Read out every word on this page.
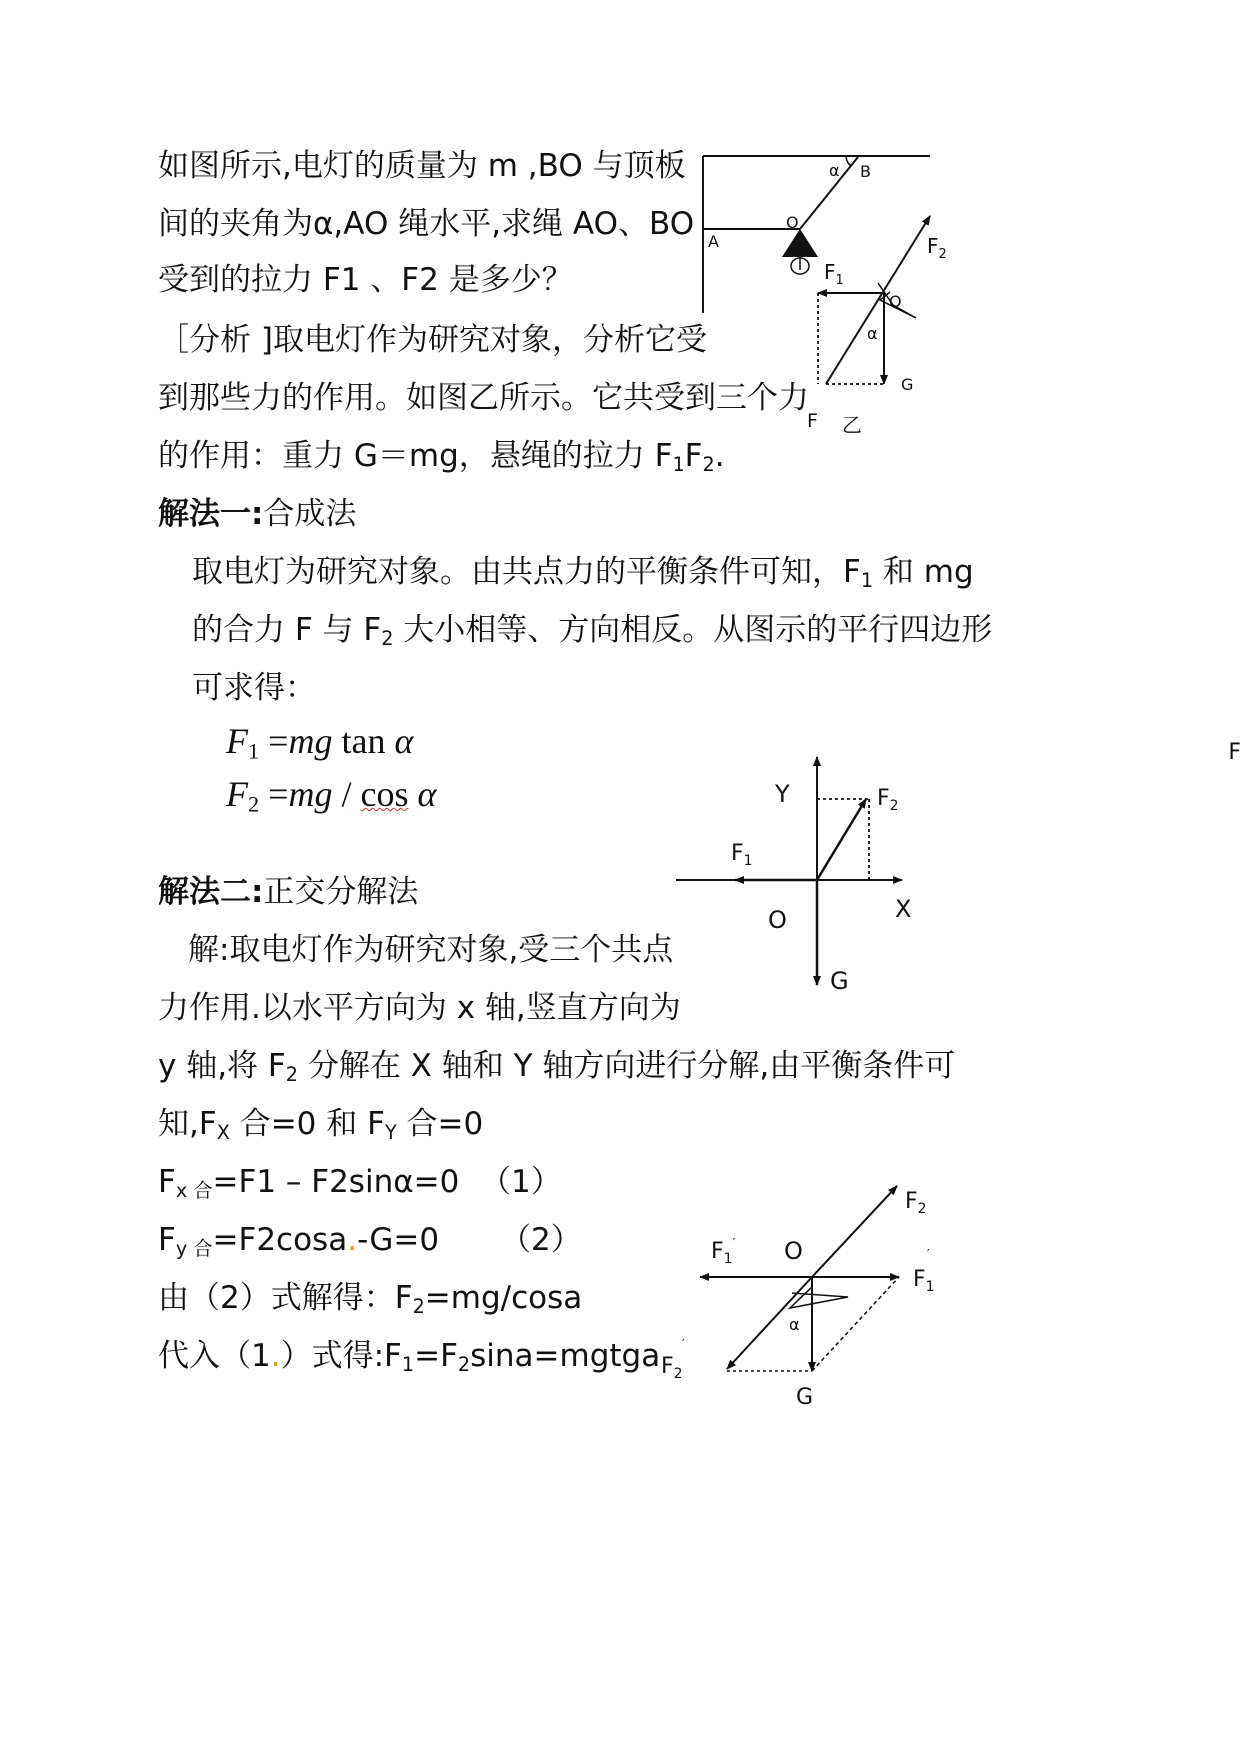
如图所示,电灯的质量为 m ,BO 与顶板
间的夹角为α,AO 绳水平,求绳 AO、BO
受到的拉力 F1 、F2 是多少？
［分析 ]取电灯作为研究对象，分析它受
到那些力的作用。如图乙所示。它共受到三个力
的作用：重力 G＝mg，悬绳的拉力 $F_1F_2$.
解法一:合成法
取电灯为研究对象。由共点力的平衡条件可知，$F_1$ 和 mg
的合力 F 与 $F_2$ 大小相等、方向相反。从图示的平行四边形
可求得：
$F_1 =mg$ tan α
$F_2 =mg / \cos \alpha$
解法二:正交分解法
解:取电灯作为研究对象,受三个共点
力作用.以水平方向为 x 轴,竖直方向为
y 轴,将 $F_2$ 分解在 X 轴和 Y 轴方向进行分解,由平衡条件可
知$,F_X$ 合=0 和 $F_Y$ 合=0
$F_{x 合}=F1 - F2\sin\alpha=0$ （1）
$F_{y 合}=F2\cos a.-G=0$ （2）
由（2）式解得：$F_2=mg$/cosa
代入（1.）式得$:F_1=F_2\sin a=mgtga$
F
α B
O
A	$F_2$
$F_1$
O
α
G
F 乙
Y	$F_2$
$F_1$
O	X
G
$F_2$
$F_1'$ O
$F_1$
′
α
$F_2$
′
G
